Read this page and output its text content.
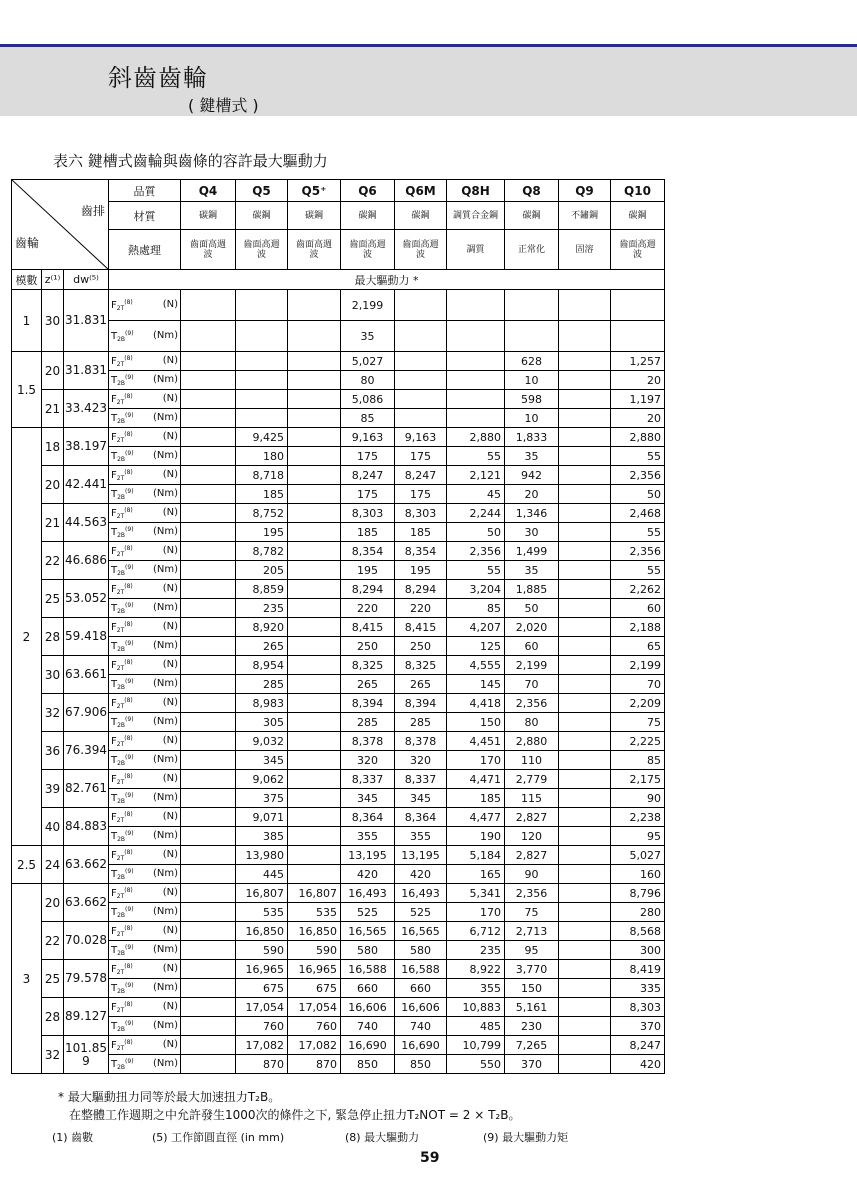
斜齒齒輪
( 鍵槽式 )
表六 鍵槽式齒輪與齒條的容許最大驅動力
齒排
齒輪			品質	Q4	Q5	Q5⁺	Q6	Q6M	Q8H	Q8	Q9	Q10
			材質	碳鋼	碳鋼	碳鋼	碳鋼	碳鋼	調質合金鋼	碳鋼	不鏽鋼	碳鋼
			熱處理	齒面高週波	齒面高週波	齒面高週波	齒面高週波	齒面高週波	調質	正常化	固溶	齒面高週波
模數	z⁽¹⁾	dw⁽⁵⁾	最大驅動力 *									
1	30	31.831	$F_{2T}^{(8)}$ (N)				2,199					
			$T_{2B}^{(9)}$ (Nm)				35					
1.5	20	31.831	$F_{2T}^{(8)}$ (N)				5,027			628		1,257
			$T_{2B}^{(9)}$ (Nm)				80			10		20
	21	33.423	$F_{2T}^{(8)}$ (N)				5,086			598		1,197
			$T_{2B}^{(9)}$ (Nm)				85			10		20
2	18	38.197	$F_{2T}^{(8)}$ (N)		9,425		9,163	9,163	2,880	1,833		2,880
			$T_{2B}^{(9)}$ (Nm)		180		175	175	55	35		55
	20	42.441	$F_{2T}^{(8)}$ (N)		8,718		8,247	8,247	2,121	942		2,356
			$T_{2B}^{(9)}$ (Nm)		185		175	175	45	20		50
	21	44.563	$F_{2T}^{(8)}$ (N)		8,752		8,303	8,303	2,244	1,346		2,468
			$T_{2B}^{(9)}$ (Nm)		195		185	185	50	30		55
	22	46.686	$F_{2T}^{(8)}$ (N)		8,782		8,354	8,354	2,356	1,499		2,356
			$T_{2B}^{(9)}$ (Nm)		205		195	195	55	35		55
	25	53.052	$F_{2T}^{(8)}$ (N)		8,859		8,294	8,294	3,204	1,885		2,262
			$T_{2B}^{(9)}$ (Nm)		235		220	220	85	50		60
	28	59.418	$F_{2T}^{(8)}$ (N)		8,920		8,415	8,415	4,207	2,020		2,188
			$T_{2B}^{(9)}$ (Nm)		265		250	250	125	60		65
	30	63.661	$F_{2T}^{(8)}$ (N)		8,954		8,325	8,325	4,555	2,199		2,199
			$T_{2B}^{(9)}$ (Nm)		285		265	265	145	70		70
	32	67.906	$F_{2T}^{(8)}$ (N)		8,983		8,394	8,394	4,418	2,356		2,209
			$T_{2B}^{(9)}$ (Nm)		305		285	285	150	80		75
	36	76.394	$F_{2T}^{(8)}$ (N)		9,032		8,378	8,378	4,451	2,880		2,225
			$T_{2B}^{(9)}$ (Nm)		345		320	320	170	110		85
	39	82.761	$F_{2T}^{(8)}$ (N)		9,062		8,337	8,337	4,471	2,779		2,175
			$T_{2B}^{(9)}$ (Nm)		375		345	345	185	115		90
	40	84.883	$F_{2T}^{(8)}$ (N)		9,071		8,364	8,364	4,477	2,827		2,238
			$T_{2B}^{(9)}$ (Nm)		385		355	355	190	120		95
2.5	24	63.662	$F_{2T}^{(8)}$ (N)		13,980		13,195	13,195	5,184	2,827		5,027
			$T_{2B}^{(9)}$ (Nm)		445		420	420	165	90		160
3	20	63.662	$F_{2T}^{(8)}$ (N)		16,807	16,807	16,493	16,493	5,341	2,356		8,796
			$T_{2B}^{(9)}$ (Nm)		535	535	525	525	170	75		280
	22	70.028	$F_{2T}^{(8)}$ (N)		16,850	16,850	16,565	16,565	6,712	2,713		8,568
			$T_{2B}^{(9)}$ (Nm)		590	590	580	580	235	95		300
	25	79.578	$F_{2T}^{(8)}$ (N)		16,965	16,965	16,588	16,588	8,922	3,770		8,419
			$T_{2B}^{(9)}$ (Nm)		675	675	660	660	355	150		335
	28	89.127	$F_{2T}^{(8)}$ (N)		17,054	17,054	16,606	16,606	10,883	5,161		8,303
			$T_{2B}^{(9)}$ (Nm)		760	760	740	740	485	230		370
	32	101.859	$F_{2T}^{(8)}$ (N)		17,082	17,082	16,690	16,690	10,799	7,265		8,247
			$T_{2B}^{(9)}$ (Nm)		870	870	850	850	550	370		420
* 最大驅動扭力同等於最大加速扭力T₂B。
在整體工作週期之中允許發生1000次的條件之下, 緊急停止扭力T₂NOT = 2 × T₂B。
(1) 齒數	(5) 工作節圓直徑 (in mm)	(8) 最大驅動力	(9) 最大驅動力矩
59
